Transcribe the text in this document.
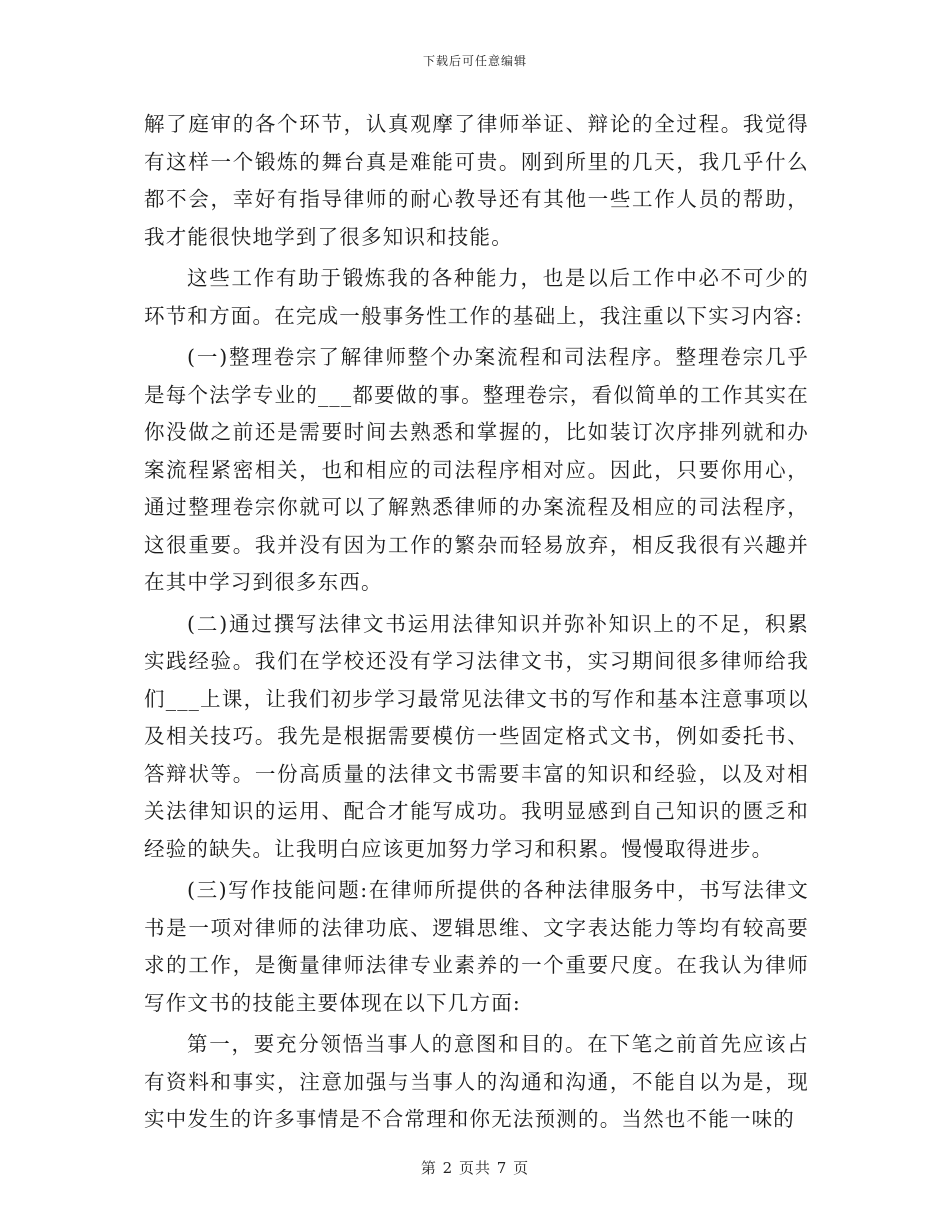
下载后可任意编辑

解了庭审的各个环节，认真观摩了律师举证、辩论的全过程。我觉得有这样一个锻炼的舞台真是难能可贵。刚到所里的几天，我几乎什么都不会，幸好有指导律师的耐心教导还有其他一些工作人员的帮助，我才能很快地学到了很多知识和技能。

这些工作有助于锻炼我的各种能力，也是以后工作中必不可少的环节和方面。在完成一般事务性工作的基础上，我注重以下实习内容:

(一)整理卷宗了解律师整个办案流程和司法程序。整理卷宗几乎是每个法学专业的___都要做的事。整理卷宗，看似简单的工作其实在你没做之前还是需要时间去熟悉和掌握的，比如装订次序排列就和办案流程紧密相关，也和相应的司法程序相对应。因此，只要你用心，通过整理卷宗你就可以了解熟悉律师的办案流程及相应的司法程序，这很重要。我并没有因为工作的繁杂而轻易放弃，相反我很有兴趣并在其中学习到很多东西。

(二)通过撰写法律文书运用法律知识并弥补知识上的不足，积累实践经验。我们在学校还没有学习法律文书，实习期间很多律师给我们___上课，让我们初步学习最常见法律文书的写作和基本注意事项以及相关技巧。我先是根据需要模仿一些固定格式文书，例如委托书、答辩状等。一份高质量的法律文书需要丰富的知识和经验，以及对相关法律知识的运用、配合才能写成功。我明显感到自己知识的匮乏和经验的缺失。让我明白应该更加努力学习和积累。慢慢取得进步。

(三)写作技能问题:在律师所提供的各种法律服务中，书写法律文书是一项对律师的法律功底、逻辑思维、文字表达能力等均有较高要求的工作，是衡量律师法律专业素养的一个重要尺度。在我认为律师写作文书的技能主要体现在以下几方面:

第一，要充分领悟当事人的意图和目的。在下笔之前首先应该占有资料和事实，注意加强与当事人的沟通和沟通，不能自以为是，现实中发生的许多事情是不合常理和你无法预测的。当然也不能一味的

第 2 页共 7 页
